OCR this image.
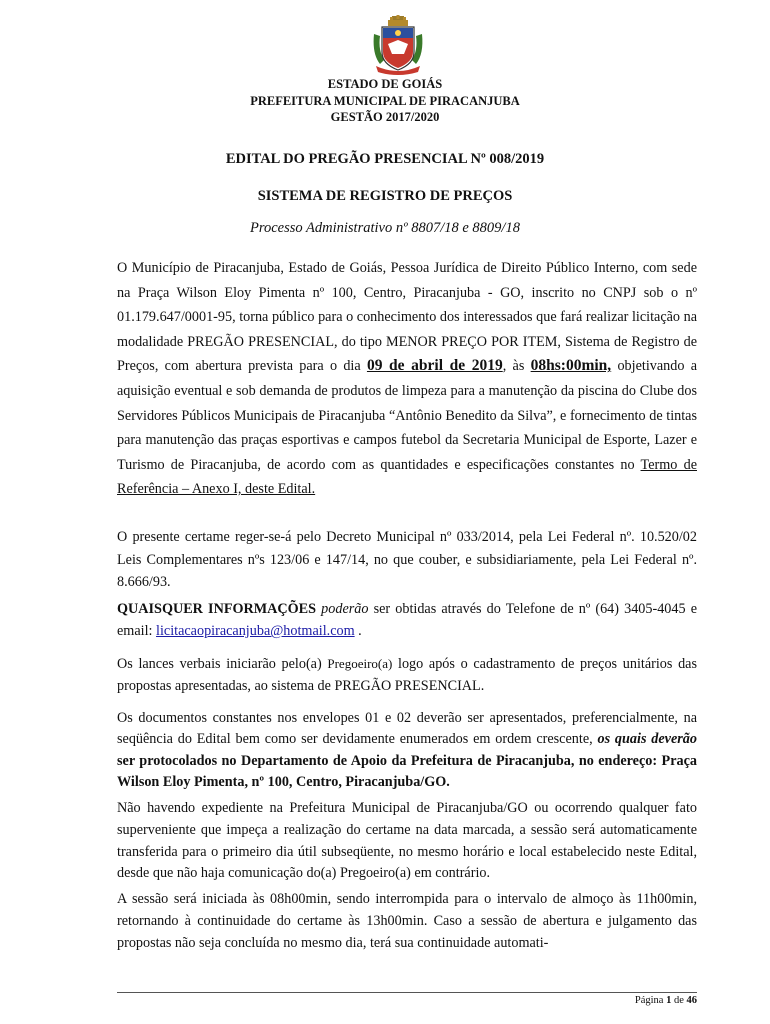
ESTADO DE GOIÁS
PREFEITURA MUNICIPAL DE PIRACANJUBA
GESTÃO 2017/2020
EDITAL DO PREGÃO PRESENCIAL Nº 008/2019
SISTEMA DE REGISTRO DE PREÇOS
Processo Administrativo nº 8807/18 e 8809/18

O Município de Piracanjuba, Estado de Goiás, Pessoa Jurídica de Direito Público Interno, com sede na Praça Wilson Eloy Pimenta nº 100, Centro, Piracanjuba - GO, inscrito no CNPJ sob o nº 01.179.647/0001-95, torna público para o conhecimento dos interessados que fará realizar licitação na modalidade PREGÃO PRESENCIAL, do tipo MENOR PREÇO POR ITEM, Sistema de Registro de Preços, com abertura prevista para o dia 09 de abril de 2019, às 08hs:00min, objetivando a aquisição eventual e sob demanda de produtos de limpeza para a manutenção da piscina do Clube dos Servidores Públicos Municipais de Piracanjuba “Antônio Benedito da Silva”, e fornecimento de tintas para manutenção das praças esportivas e campos futebol da Secretaria Municipal de Esporte, Lazer e Turismo de Piracanjuba, de acordo com as quantidades e especificações constantes no Termo de Referência – Anexo I, deste Edital.

O presente certame reger-se-á pelo Decreto Municipal nº 033/2014, pela Lei Federal nº. 10.520/02 Leis Complementares nºs 123/06 e 147/14, no que couber, e subsidiariamente, pela Lei Federal nº. 8.666/93.

QUAISQUER INFORMAÇÕES poderão ser obtidas através do Telefone de nº (64) 3405-4045 e email: licitacaopiracanjuba@hotmail.com .

Os lances verbais iniciarão pelo(a) Pregoeiro(a) logo após o cadastramento de preços unitários das propostas apresentadas, ao sistema de PREGÃO PRESENCIAL.

Os documentos constantes nos envelopes 01 e 02 deverão ser apresentados, preferencialmente, na seqüência do Edital bem como ser devidamente enumerados em ordem crescente, os quais deverão ser protocolados no Departamento de Apoio da Prefeitura de Piracanjuba, no endereço: Praça Wilson Eloy Pimenta, nº 100, Centro, Piracanjuba/GO.

Não havendo expediente na Prefeitura Municipal de Piracanjuba/GO ou ocorrendo qualquer fato superveniente que impeça a realização do certame na data marcada, a sessão será automaticamente transferida para o primeiro dia útil subseqüente, no mesmo horário e local estabelecido neste Edital, desde que não haja comunicação do(a) Pregoeiro(a) em contrário.

A sessão será iniciada às 08h00min, sendo interrompida para o intervalo de almoço às 11h00min, retornando à continuidade do certame às 13h00min. Caso a sessão de abertura e julgamento das propostas não seja concluída no mesmo dia, terá sua continuidade automati-

Página 1 de 46
